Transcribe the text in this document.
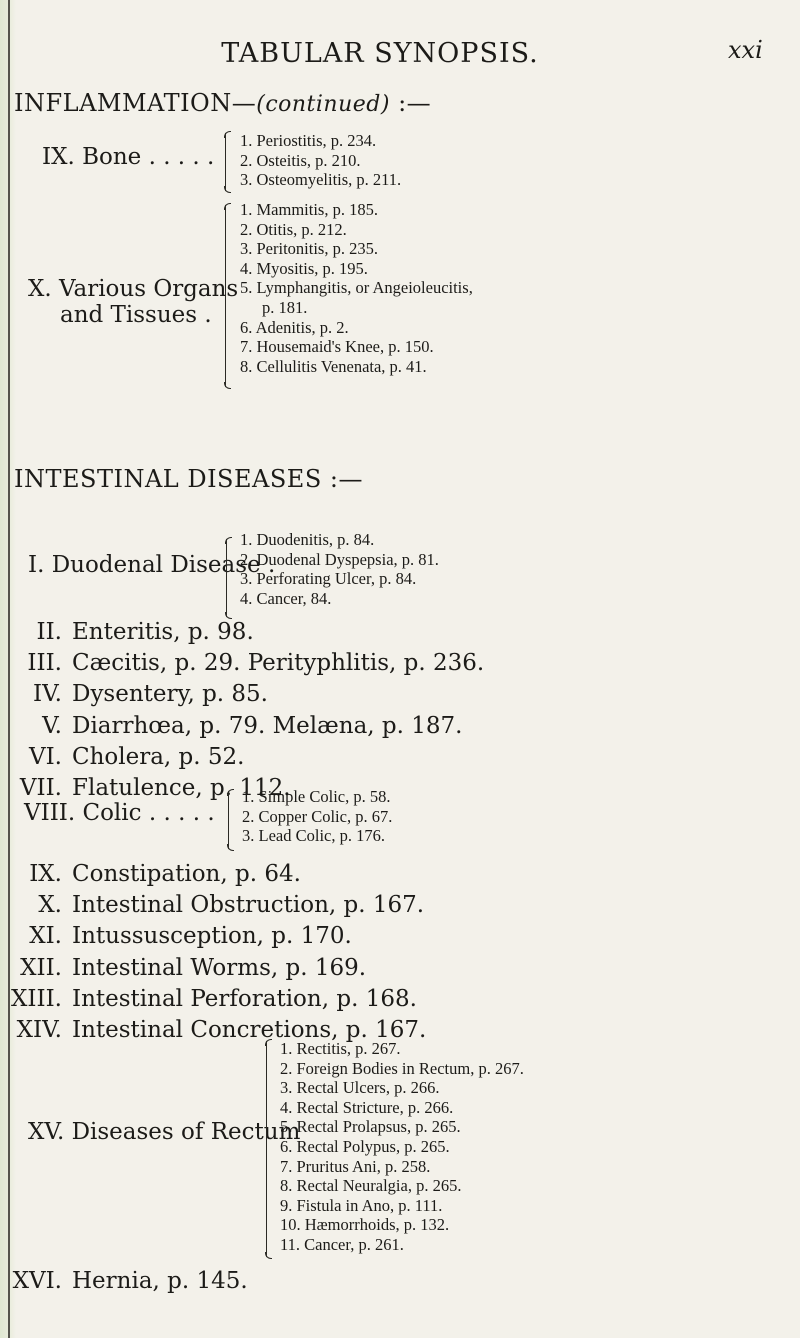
TABULAR SYNOPSIS.	xxi
INFLAMMATION—(continued) :—
IX. Bone . . . . .
1. Periostitis, p. 234.
2. Osteitis, p. 210.
3. Osteomyelitis, p. 211.
X. Various Organs
and Tissues .
1. Mammitis, p. 185.
2. Otitis, p. 212.
3. Peritonitis, p. 235.
4. Myositis, p. 195.
5. Lymphangitis, or Angeioleucitis,
p. 181.
6. Adenitis, p. 2.
7. Housemaid's Knee, p. 150.
8. Cellulitis Venenata, p. 41.
INTESTINAL DISEASES :—
I. Duodenal Disease .
1. Duodenitis, p. 84.
2. Duodenal Dyspepsia, p. 81.
3. Perforating Ulcer, p. 84.
4. Cancer, 84.
II. Enteritis, p. 98.
III. Cæcitis, p. 29. Perityphlitis, p. 236.
IV. Dysentery, p. 85.
V. Diarrhœa, p. 79. Melæna, p. 187.
VI. Cholera, p. 52.
VII. Flatulence, p. 112.
VIII. Colic . . . . .
1. Simple Colic, p. 58.
2. Copper Colic, p. 67.
3. Lead Colic, p. 176.
IX. Constipation, p. 64.
X. Intestinal Obstruction, p. 167.
XI. Intussusception, p. 170.
XII. Intestinal Worms, p. 169.
XIII. Intestinal Perforation, p. 168.
XIV. Intestinal Concretions, p. 167.
XV. Diseases of Rectum
1. Rectitis, p. 267.
2. Foreign Bodies in Rectum, p. 267.
3. Rectal Ulcers, p. 266.
4. Rectal Stricture, p. 266.
5. Rectal Prolapsus, p. 265.
6. Rectal Polypus, p. 265.
7. Pruritus Ani, p. 258.
8. Rectal Neuralgia, p. 265.
9. Fistula in Ano, p. 111.
10. Hæmorrhoids, p. 132.
11. Cancer, p. 261.
XVI. Hernia, p. 145.
